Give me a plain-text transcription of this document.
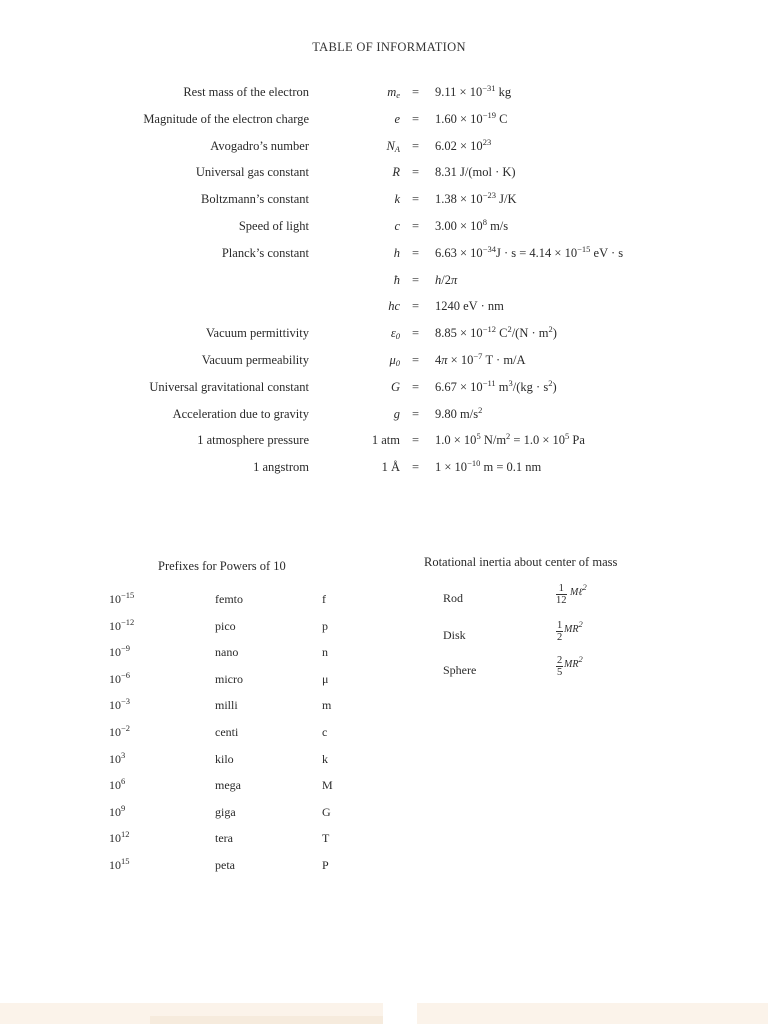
TABLE OF INFORMATION
Rest mass of the electron	$m_e = 9.11 \times 10^{-31}$ kg
Magnitude of the electron charge	$e = 1.60 \times 10^{-19}$ C
Avogadro’s number	$N_A = 6.02 \times 10^{23}$
Universal gas constant	R = 8.31 J/(mol · K)
Boltzmann’s constant	$k = 1.38 \times 10^{-23}$ J/K
Speed of light	$c = 3.00 \times 10^8$ m/s
Planck’s constant	$h = 6.63 \times 10^{-34}J \cdot s = 4.14 \times 10^{-15}$ eV · s
ħ = h/2π
hc = 1240 eV · nm
Vacuum permittivity	$\varepsilon_0 = 8.85 \times 10^{-12}$ $C^2/(N \cdot m^2)$
Vacuum permeability	$\mu_0 = 4\pi \times 10^{-7}$ T · m/A
Universal gravitational constant	$G = 6.67 \times 10^{-11}$ $m^3/(kg \cdot s^2)$
Acceleration due to gravity	g = 9.80 $m/s^2$
1 atmosphere pressure	1 atm = $1.0 \times 10^5$ $N/m^2 = 1.0 \times 10^5$ Pa
1 angstrom	1 Å = $1 \times 10^{-10}$ m = 0.1 nm
Prefixes for Powers of 10
$10^{-15}$	femto	f
$10^{-12}$	pico	p
$10^{-9}$	nano	n
$10^{-6}$	micro	μ
$10^{-3}$	milli	m
$10^{-2}$	centi	c
$10^3$	kilo	k
$10^6$	mega	M
$10^9$	giga	G
$10^{12}$	tera	T
$10^{15}$	peta	P
Rotational inertia about center of mass
Rod	$\frac{1}{12}$ Mℓ$^2$
Disk	$\frac{1}{2} MR^2$
Sphere	$\frac{2}{5} MR^2$
